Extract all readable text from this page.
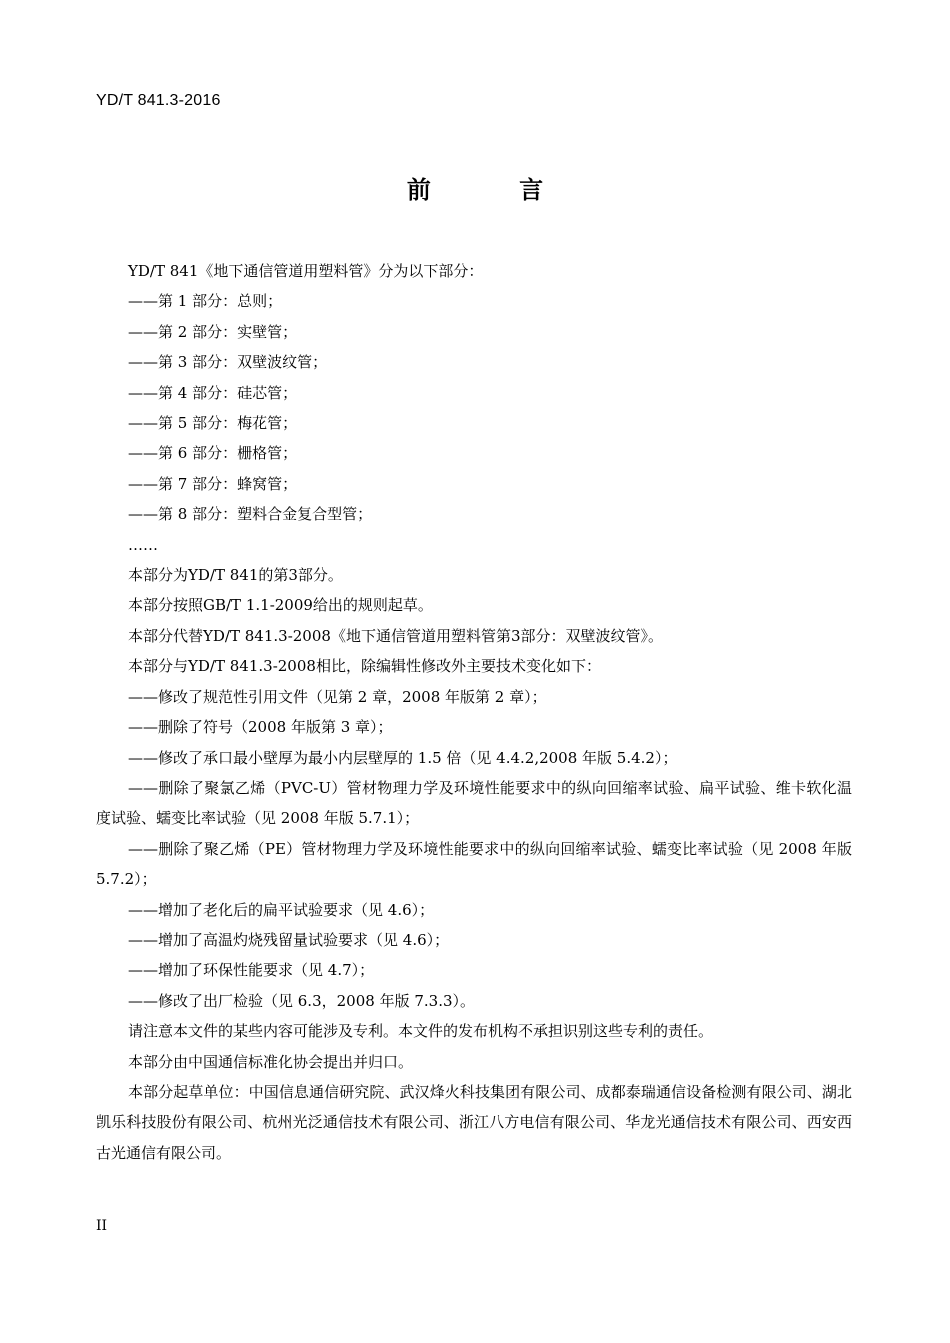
YD/T 841.3-2016
前 言

YD/T 841《地下通信管道用塑料管》分为以下部分：

——第 1 部分：总则；

——第 2 部分：实壁管；

——第 3 部分：双壁波纹管；

——第 4 部分：硅芯管；

——第 5 部分：梅花管；

——第 6 部分：栅格管；

——第 7 部分：蜂窝管；

——第 8 部分：塑料合金复合型管；

……

本部分为YD/T 841的第3部分。

本部分按照GB/T 1.1-2009给出的规则起草。

本部分代替YD/T 841.3-2008《地下通信管道用塑料管第3部分：双壁波纹管》。

本部分与YD/T 841.3-2008相比，除编辑性修改外主要技术变化如下：

——修改了规范性引用文件（见第 2 章，2008 年版第 2 章）；

——删除了符号（2008 年版第 3 章）；

——修改了承口最小壁厚为最小内层壁厚的 1.5 倍（见 4.4.2,2008 年版 5.4.2）；

——删除了聚氯乙烯（PVC-U）管材物理力学及环境性能要求中的纵向回缩率试验、扁平试验、维卡软化温度试验、蠕变比率试验（见 2008 年版 5.7.1）；

——删除了聚乙烯（PE）管材物理力学及环境性能要求中的纵向回缩率试验、蠕变比率试验（见 2008 年版 5.7.2）；

——增加了老化后的扁平试验要求（见 4.6）；

——增加了高温灼烧残留量试验要求（见 4.6）；

——增加了环保性能要求（见 4.7）；

——修改了出厂检验（见 6.3，2008 年版 7.3.3）。

请注意本文件的某些内容可能涉及专利。本文件的发布机构不承担识别这些专利的责任。

本部分由中国通信标准化协会提出并归口。

本部分起草单位：中国信息通信研究院、武汉烽火科技集团有限公司、成都泰瑞通信设备检测有限公司、湖北凯乐科技股份有限公司、杭州光泛通信技术有限公司、浙江八方电信有限公司、华龙光通信技术有限公司、西安西古光通信有限公司。

II
